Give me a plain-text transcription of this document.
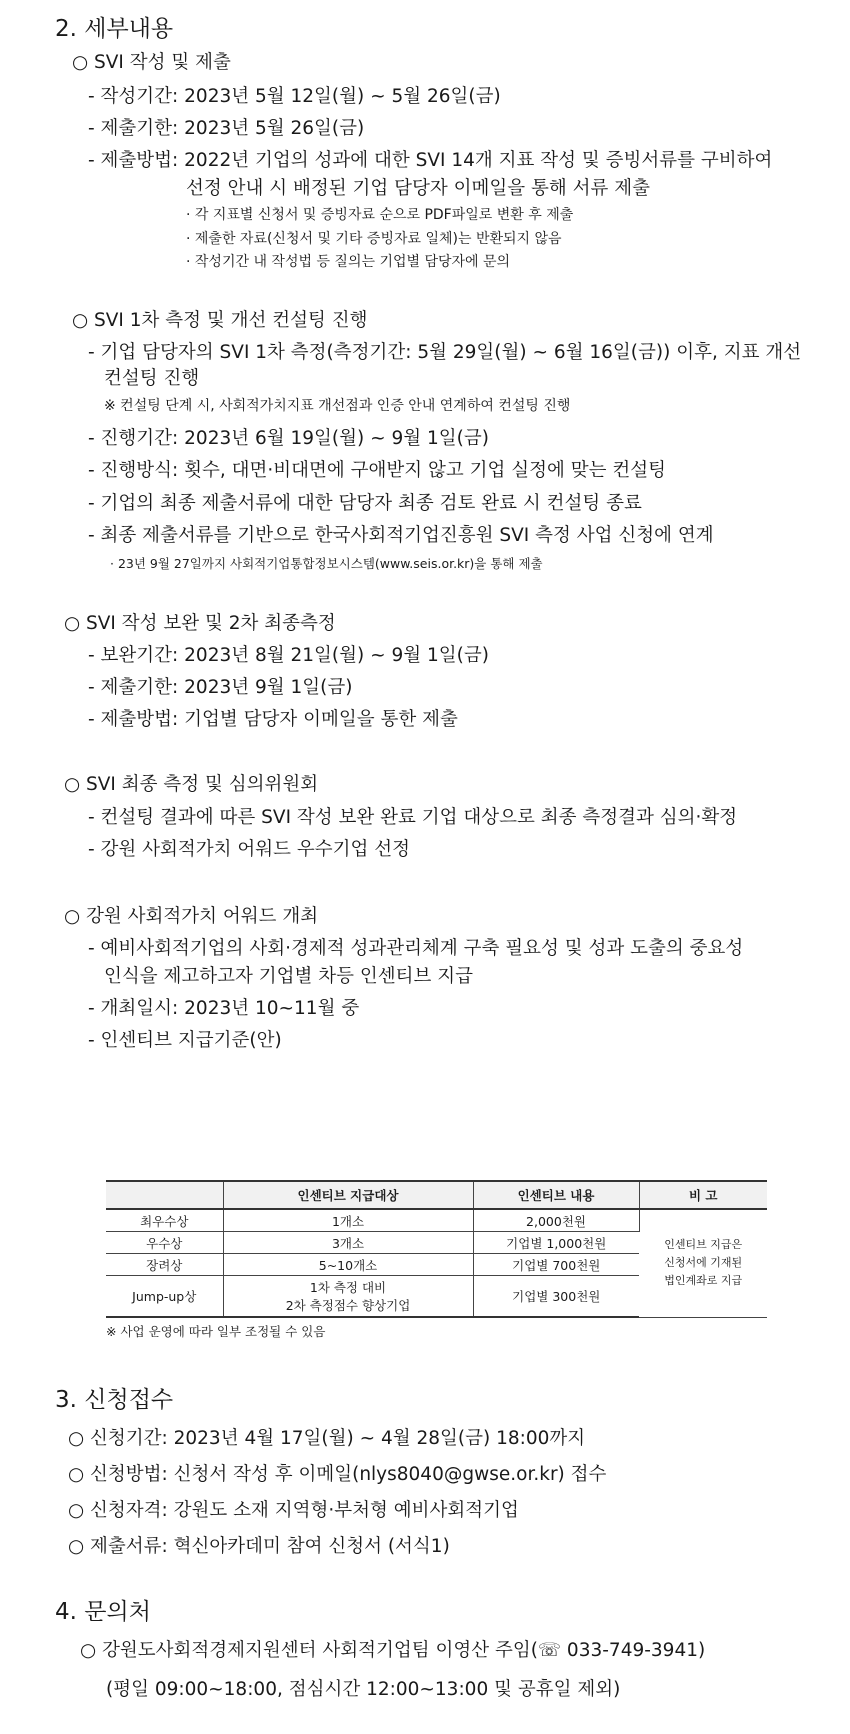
2. 세부내용
○ SVI 작성 및 제출
- 작성기간: 2023년 5월 12일(월) ~ 5월 26일(금)
- 제출기한: 2023년 5월 26일(금)
- 제출방법: 2022년 기업의 성과에 대한 SVI 14개 지표 작성 및 증빙서류를 구비하여
선정 안내 시 배정된 기업 담당자 이메일을 통해 서류 제출
· 각 지표별 신청서 및 증빙자료 순으로 PDF파일로 변환 후 제출
· 제출한 자료(신청서 및 기타 증빙자료 일체)는 반환되지 않음
· 작성기간 내 작성법 등 질의는 기업별 담당자에 문의
○ SVI 1차 측정 및 개선 컨설팅 진행
- 기업 담당자의 SVI 1차 측정(측정기간: 5월 29일(월) ~ 6월 16일(금)) 이후, 지표 개선
컨설팅 진행
※ 컨설팅 단계 시, 사회적가치지표 개선점과 인증 안내 연계하여 컨설팅 진행
- 진행기간: 2023년 6월 19일(월) ~ 9월 1일(금)
- 진행방식: 횟수, 대면·비대면에 구애받지 않고 기업 실정에 맞는 컨설팅
- 기업의 최종 제출서류에 대한 담당자 최종 검토 완료 시 컨설팅 종료
- 최종 제출서류를 기반으로 한국사회적기업진흥원 SVI 측정 사업 신청에 연계
· 23년 9월 27일까지 사회적기업통합정보시스템(www.seis.or.kr)을 통해 제출
○ SVI 작성 보완 및 2차 최종측정
- 보완기간: 2023년 8월 21일(월) ~ 9월 1일(금)
- 제출기한: 2023년 9월 1일(금)
- 제출방법: 기업별 담당자 이메일을 통한 제출
○ SVI 최종 측정 및 심의위원회
- 컨설팅 결과에 따른 SVI 작성 보완 완료 기업 대상으로 최종 측정결과 심의·확정
- 강원 사회적가치 어워드 우수기업 선정
○ 강원 사회적가치 어워드 개최
- 예비사회적기업의 사회·경제적 성과관리체계 구축 필요성 및 성과 도출의 중요성
인식을 제고하고자 기업별 차등 인센티브 지급
- 개최일시: 2023년 10~11월 중
- 인센티브 지급기준(안)
	인센티브 지급대상	인센티브 내용	비 고
최우수상	1개소	2,000천원	인센티브 지급은
신청서에 기재된
법인계좌로 지급

우수상	3개소	기업별 1,000천원	
장려상	5~10개소	기업별 700천원	
Jump-up상	1차 측정 대비
2차 측정점수 향상기업	기업별 300천원	
※ 사업 운영에 따라 일부 조정될 수 있음
3. 신청접수
○ 신청기간: 2023년 4월 17일(월) ~ 4월 28일(금) 18:00까지
○ 신청방법: 신청서 작성 후 이메일(nlys8040@gwse.or.kr) 접수
○ 신청자격: 강원도 소재 지역형·부처형 예비사회적기업
○ 제출서류: 혁신아카데미 참여 신청서 (서식1)
4. 문의처
○ 강원도사회적경제지원센터 사회적기업팀 이영산 주임(☏ 033-749-3941)
(평일 09:00~18:00, 점심시간 12:00~13:00 및 공휴일 제외)
